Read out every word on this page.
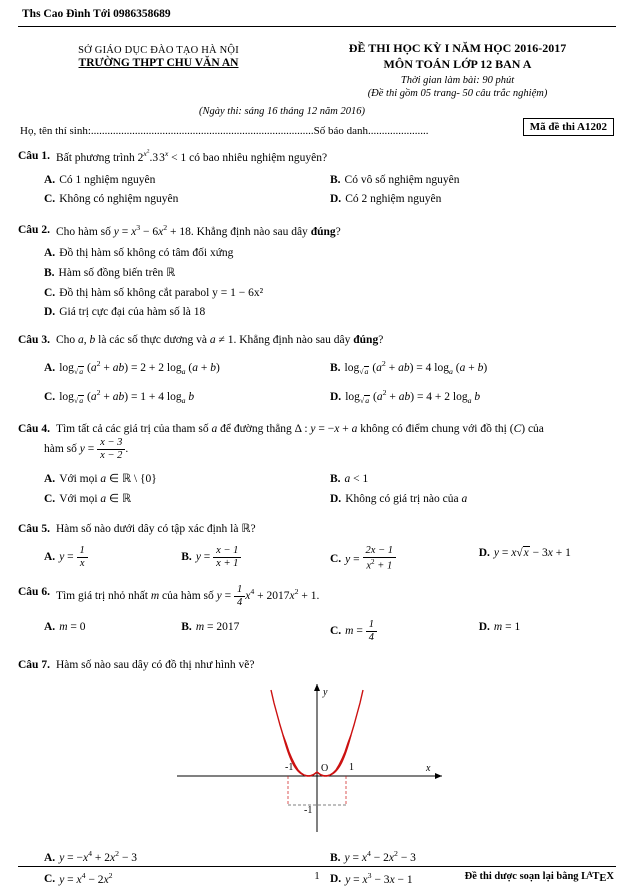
Ths Cao Đình Tới 0986358689
SỞ GIÁO DỤC ĐÀO TẠO HÀ NỘI
TRƯỜNG THPT CHU VĂN AN
ĐỀ THI HỌC KỲ I NĂM HỌC 2016-2017
MÔN TOÁN LỚP 12 BAN A
Thời gian làm bài: 90 phút
(Đề thi gồm 05 trang- 50 câu trắc nghiệm)
(Ngày thi: sáng 16 tháng 12 năm 2016)
Mã đề thi A1202
Họ, tên thí sinh:.................................................................................Số báo danh......................
Câu 1. Bất phương trình $2^{x^2}.3$ $3^x < 1$ có bao nhiêu nghiệm nguyên?
A. Có 1 nghiệm nguyên	B. Có vô số nghiệm nguyên
C. Không có nghiệm nguyên	D. Có 2 nghiệm nguyên
Câu 2. Cho hàm số $y = x^3 - 6x^2 + 18$. Khẳng định nào sau dây đúng?
A. Đồ thị hàm số không có tâm đối xứng
B. Hàm số đồng biến trên ℝ
C. Đồ thị hàm số không cắt parabol y = 1 − 6x²
D. Giá trị cực đại của hàm số là 18
Câu 3. Cho a, b là các số thực dương và a ≠ 1. Khẳng định nào sau dây đúng?
A. $\log_{√a} (a^2 + ab) = 2 + 2$ $\log_a (a + b)$	B. $\log_{√a} (a^2 + ab) = 4$ $\log_a (a + b)$
C. $\log_{√a} (a^2 + ab) = 1 + 4$ $\log_a b$	D. $\log_{√a} (a^2 + ab) = 4 + 2$ $\log_a b$
Câu 4. Tìm tất cả các giá trị của tham số a để đường thẳng Δ : y = −x + a không có điểm chung với đồ thị (C) của
hàm số $y = \frac{x - 3}{x - 2}$ .
A. Với mọi a ∈ ℝ \ {0}	B. a < 1
C. Với mọi a ∈ ℝ	D. Không có giá trị nào của a
Câu 5. Hàm số nào dưới dây có tập xác định là ℝ?
A. $y = \frac{1}{x}$	B. $y = \frac{x - 1}{x + 1}$	C. $y = \frac{2x - 1}{x^2 + 1}$	D. y = x√x − 3x + 1
Câu 6. Tìm giá trị nhỏ nhất m của hàm số $y = \frac{1}{4} x^4 + 2017x^2 + 1$.
A. m = 0	B. m = 2017	C. $m = \frac{1}{4}$	D. m = 1
Câu 7. Hàm số nào sau dây có đồ thị như hình vẽ?
-1	O 1
-1
x
y
A. $y = -x^4 + 2x^2 - 3$	B. $y = x^4 - 2x^2 - 3$
C. $y = x^4 - 2x^2$	D. $y = x^3 - 3x - 1$
1	Đề thi dược soạn lại bằng $L^ATEX$
